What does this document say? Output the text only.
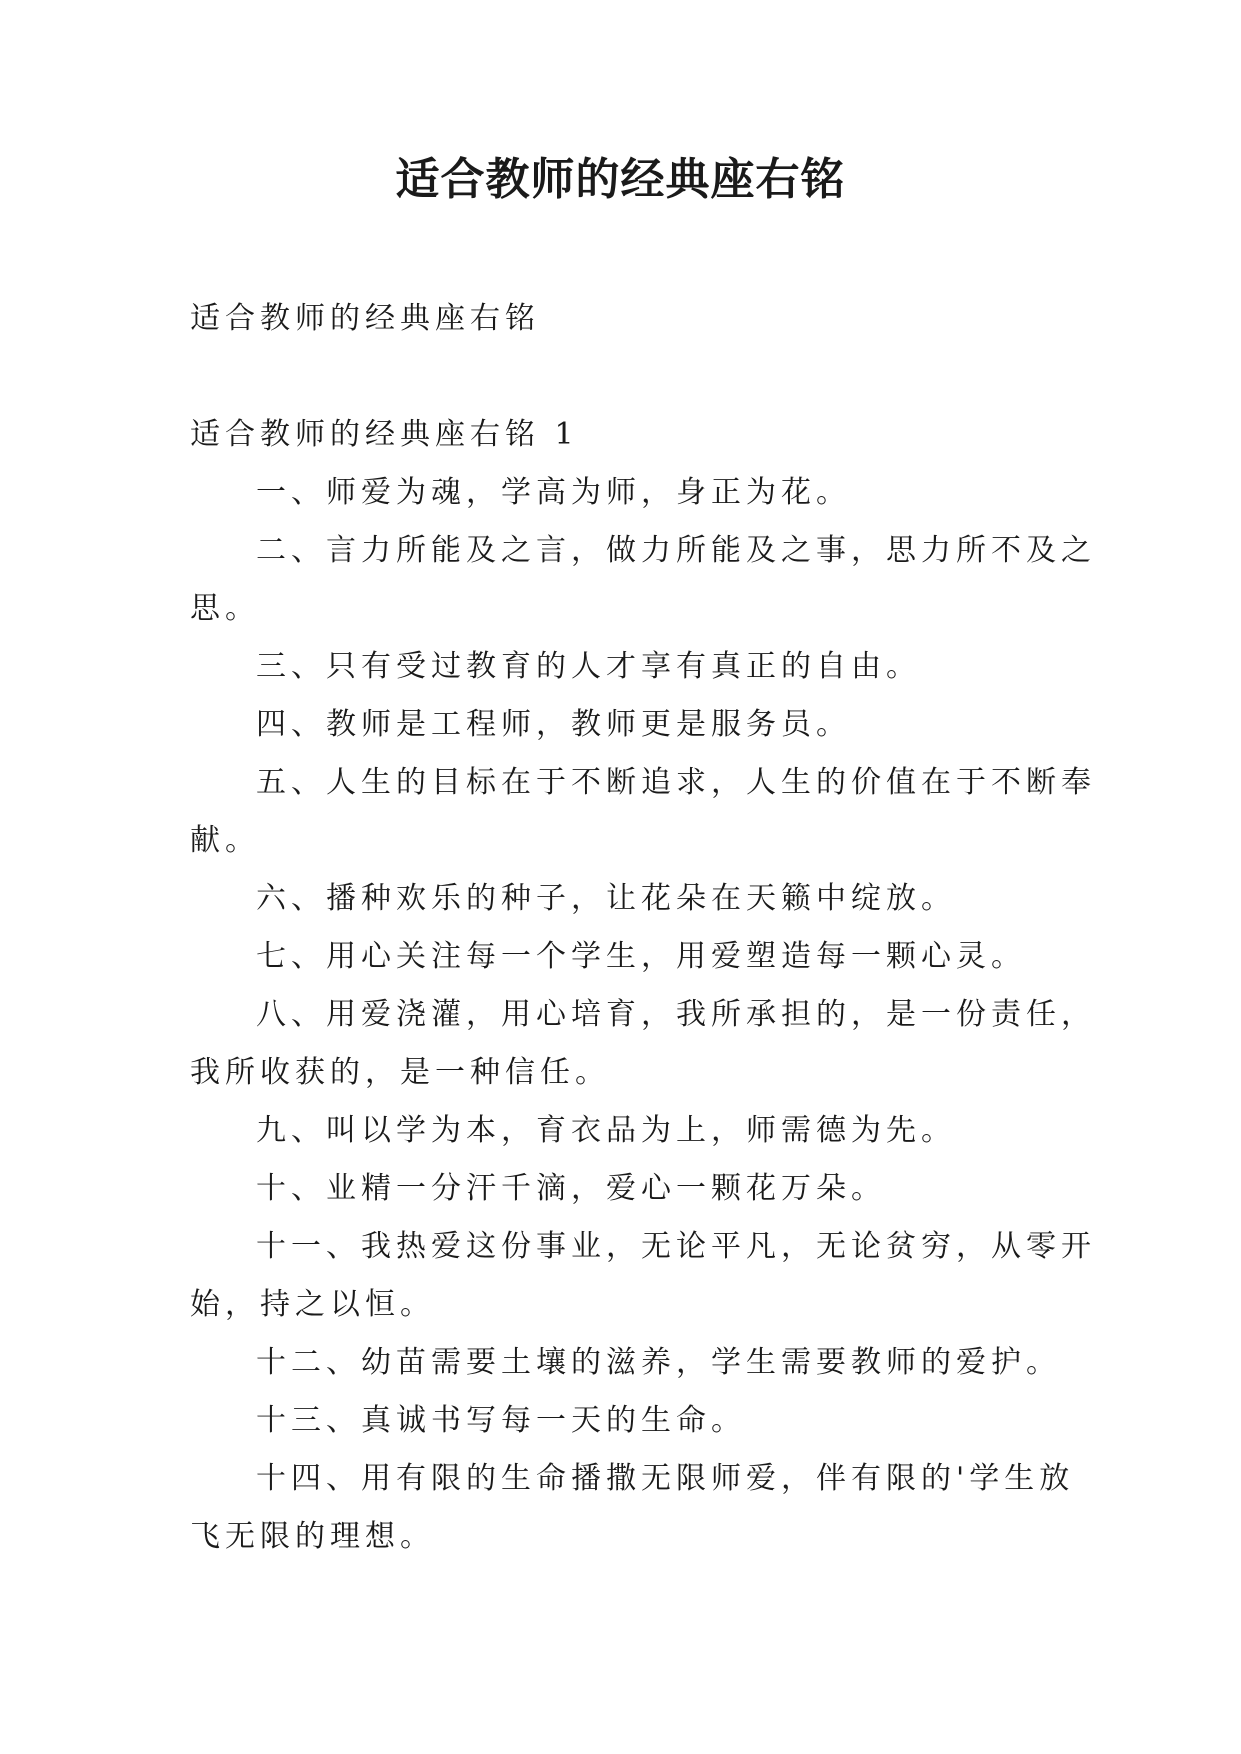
适合教师的经典座右铭

适合教师的经典座右铭

适合教师的经典座右铭 1

一、师爱为魂，学高为师，身正为花。

二、言力所能及之言，做力所能及之事，思力所不及之

思。

三、只有受过教育的人才享有真正的自由。

四、教师是工程师，教师更是服务员。

五、人生的目标在于不断追求，人生的价值在于不断奉

献。

六、播种欢乐的种子，让花朵在天籁中绽放。

七、用心关注每一个学生，用爱塑造每一颗心灵。

八、用爱浇灌，用心培育，我所承担的，是一份责任，

我所收获的，是一种信任。

九、叫以学为本，育衣品为上，师需德为先。

十、业精一分汗千滴，爱心一颗花万朵。

十一、我热爱这份事业，无论平凡，无论贫穷，从零开

始，持之以恒。

十二、幼苗需要土壤的滋养，学生需要教师的爱护。

十三、真诚书写每一天的生命。

十四、用有限的生命播撒无限师爱，伴有限的'学生放

飞无限的理想。
